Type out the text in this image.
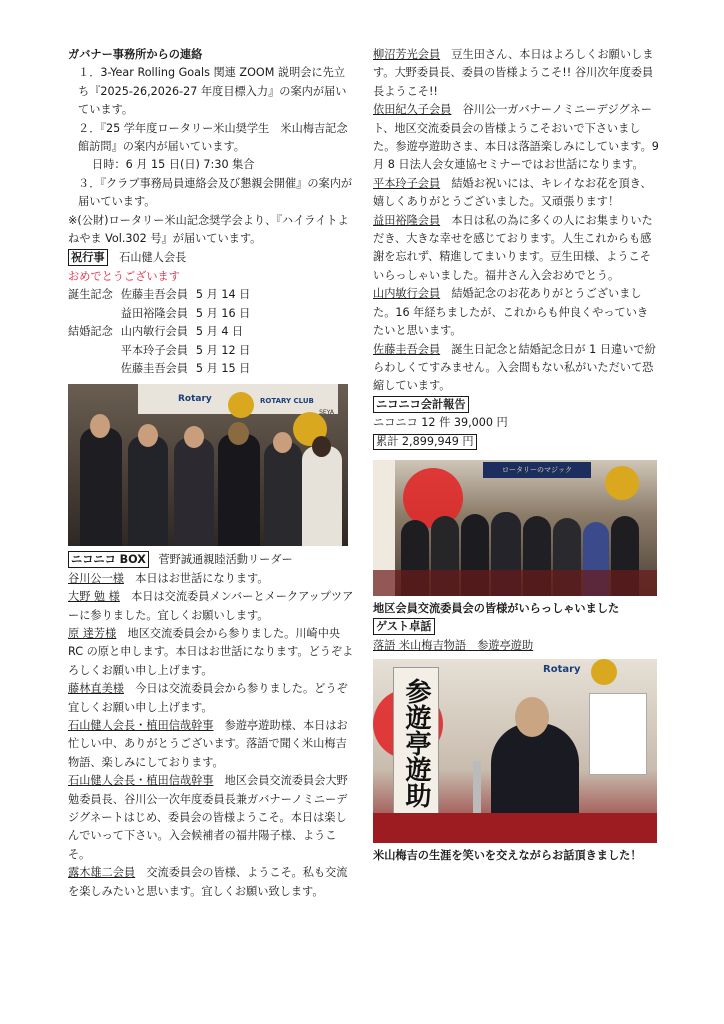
ガバナー事務所からの連絡

１．3-Year Rolling Goals 関連 ZOOM 説明会に先立ち『2025-26,2026-27 年度目標入力』の案内が届いています。

２．『25 学年度ロータリー米山奨学生　米山梅吉記念館訪問』の案内が届いています。

日時：6 月 15 日(日) 7:30 集合

３．『クラブ事務局員連絡会及び懇親会開催』の案内が届いています。

※(公財)ロータリー米山記念奨学会より、『ハイライトよねやま Vol.302 号』が届いています。

祝行事 石山健人会長

おめでとうございます

誕生記念	佐藤圭吾会員	5 月 14 日
	益田裕隆会員	5 月 16 日
結婚記念	山内敏行会員	5 月 4 日
	平本玲子会員	5 月 12 日
	佐藤圭吾会員	5 月 15 日
Rotary	ROTARY CLUB
SEYA

ニコニコ BOX 菅野誠通親睦活動リーダー

谷川公一様　 本日はお世話になります。

大野 勉 様　 本日は交流委員メンバーとメークアップツアーに参りました。宜しくお願いします。

原 達芳様　 地区交流委員会から参りました。川崎中央 RC の原と申します。本日はお世話になります。どうぞよろしくお願い申し上げます。

藤林直美様　 今日は交流委員会から参りました。どうぞ宜しくお願い申し上げます。

石山健人会長・植田信哉幹事　 参遊亭遊助様、本日はお忙しい中、ありがとうございます。落語で聞く米山梅吉物語、楽しみにしております。

石山健人会長・植田信哉幹事　 地区会員交流委員会大野勉委員長、谷川公一次年度委員長兼ガバナーノミニーデジグネートはじめ、委員会の皆様ようこそ。本日は楽しんでいって下さい。入会候補者の福井陽子様、ようこそ。

露木雄二会員　 交流委員会の皆様、ようこそ。私も交流を楽しみたいと思います。宜しくお願い致します。

柳沼芳光会員　 豆生田さん、本日はよろしくお願いします。大野委員長、委員の皆様ようこそ!! 谷川次年度委員長ようこそ!!

依田紀久子会員　 谷川公一ガバナーノミニーデジグネート、地区交流委員会の皆様ようこそおいで下さいました。参遊亭遊助さま、本日は落語楽しみにしています。9 月 8 日法人会女連協セミナーではお世話になります。

平本玲子会員　 結婚お祝いには、キレイなお花を頂き、嬉しくありがとうございました。又頑張ります！

益田裕隆会員　 本日は私の為に多くの人にお集まりいただき、大きな幸せを感じております。人生これからも感謝を忘れず、精進してまいります。豆生田様、ようこそいらっしゃいました。福井さん入会おめでとう。

山内敏行会員　 結婚記念のお花ありがとうございました。16 年経ちましたが、これからも仲良くやっていきたいと思います。

佐藤圭吾会員　 誕生日記念と結婚記念日が 1 日違いで紛らわしくてすみません。入会間もない私がいただいて恐縮しています。

ニコニコ会計報告

ニコニコ 12 件 39,000 円

累計 2,899,949 円

ロータリーのマジック

地区会員交流委員会の皆様がいらっしゃいました

ゲスト卓話

落語 米山梅吉物語　参遊亭遊助

参遊亭遊助
Rotary

米山梅吉の生涯を笑いを交えながらお話頂きました！
